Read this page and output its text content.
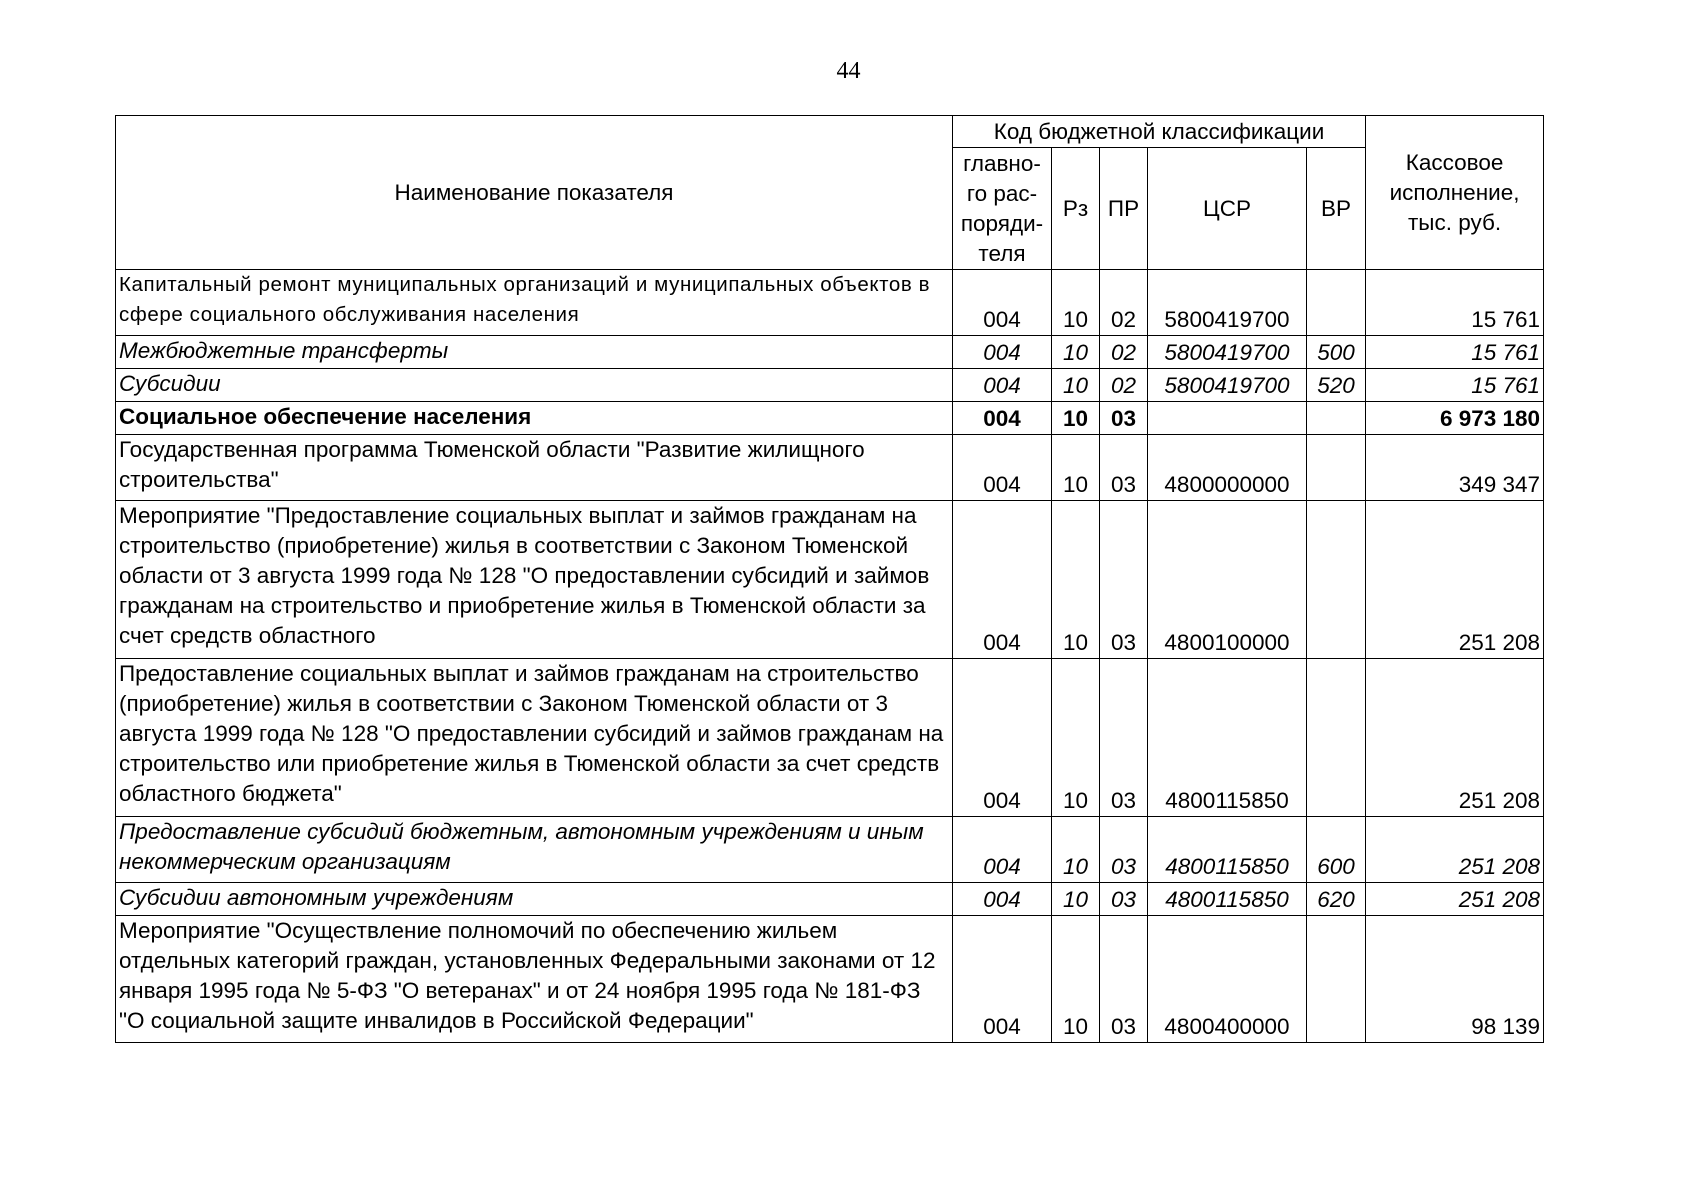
44
Наименование показателя	Код бюджетной классификации					Кассовое исполнение, тыс. руб.
	главно-го рас-поряди-теля	Рз	ПР	ЦСР	ВР	
Капитальный ремонт муниципальных организаций и муниципальных объектов в сфере социального обслуживания населения	004	10	02	5800419700		15 761
Межбюджетные трансферты	004	10	02	5800419700	500	15 761
Субсидии	004	10	02	5800419700	520	15 761
Социальное обеспечение населения	004	10	03			6 973 180
Государственная программа Тюменской области "Развитие жилищного строительства"	004	10	03	4800000000		349 347

Мероприятие "Предоставление социальных выплат и займов гражданам на строительство (приобретение) жилья в соответствии с Законом Тюменской области от 3 августа 1999 года № 128 "О предоставлении субсидий и займов гражданам на строительство и приобретение жилья в Тюменской области за счет средств областного	004	10	03	4800100000		251 208
Предоставление социальных выплат и займов гражданам на строительство (приобретение) жилья в соответствии с Законом Тюменской области от 3 августа 1999 года № 128 "О предоставлении субсидий и займов гражданам на строительство или приобретение жилья в Тюменской области за счет средств областного бюджета"	004	10	03	4800115850		251 208
Предоставление субсидий бюджетным, автономным учреждениям и иным некоммерческим организациям	004	10	03	4800115850	600	251 208
Субсидии автономным учреждениям	004	10	03	4800115850	620	251 208
Мероприятие "Осуществление полномочий по обеспечению жильем отдельных категорий граждан, установленных Федеральными законами от 12 января 1995 года № 5-ФЗ "О ветеранах" и от 24 ноября 1995 года № 181-ФЗ "О социальной защите инвалидов в Российской Федерации"	004	10	03	4800400000		98 139
